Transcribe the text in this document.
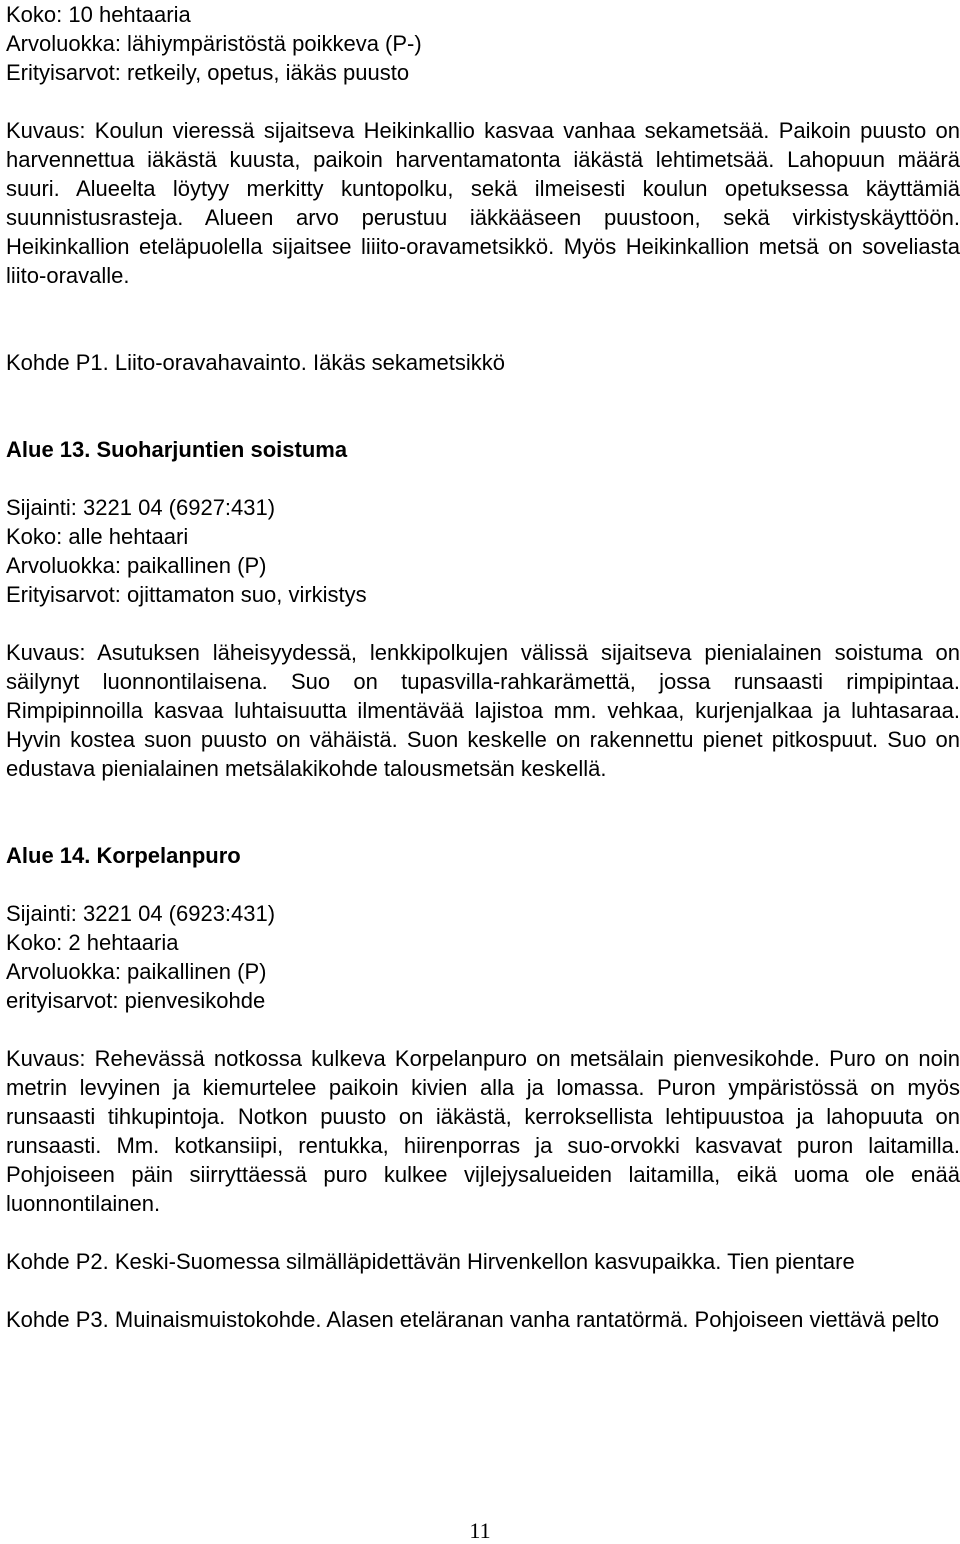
Koko: 10 hehtaaria

Arvoluokka: lähiympäristöstä poikkeva (P-)

Erityisarvot: retkeily, opetus, iäkäs puusto

Kuvaus: Koulun vieressä sijaitseva Heikinkallio kasvaa vanhaa sekametsää. Paikoin puusto on harvennettua iäkästä kuusta, paikoin harventamatonta iäkästä lehtimetsää. Lahopuun määrä suuri. Alueelta löytyy merkitty kuntopolku, sekä ilmeisesti koulun opetuksessa käyttämiä suunnistusrasteja. Alueen arvo perustuu iäkkääseen puustoon, sekä virkistyskäyttöön. Heikinkallion eteläpuolella sijaitsee liiito-oravametsikkö. Myös Heikinkallion metsä on soveliasta liito-oravalle.

Kohde P1. Liito-oravahavainto. Iäkäs sekametsikkö

Alue 13. Suoharjuntien soistuma

Sijainti: 3221 04 (6927:431)

Koko: alle hehtaari

Arvoluokka: paikallinen (P)

Erityisarvot: ojittamaton suo, virkistys

Kuvaus: Asutuksen läheisyydessä, lenkkipolkujen välissä sijaitseva pienialainen soistuma on säilynyt luonnontilaisena. Suo on tupasvilla-rahkarämettä, jossa runsaasti rimpipintaa. Rimpipinnoilla kasvaa luhtaisuutta ilmentävää lajistoa mm. vehkaa, kurjenjalkaa ja luhtasaraa. Hyvin kostea suon puusto on vähäistä. Suon keskelle on rakennettu pienet pitkospuut. Suo on edustava pienialainen metsälakikohde talousmetsän keskellä.

Alue 14. Korpelanpuro

Sijainti: 3221 04 (6923:431)

Koko: 2 hehtaaria

Arvoluokka: paikallinen (P)

erityisarvot: pienvesikohde

Kuvaus: Rehevässä notkossa kulkeva Korpelanpuro on metsälain pienvesikohde. Puro on noin metrin levyinen ja kiemurtelee paikoin kivien alla ja lomassa. Puron ympäristössä on myös runsaasti tihkupintoja. Notkon puusto on iäkästä, kerroksellista lehtipuustoa ja lahopuuta on runsaasti. Mm. kotkansiipi, rentukka, hiirenporras ja suo-orvokki kasvavat puron laitamilla. Pohjoiseen päin siirryttäessä puro kulkee vijlejysalueiden laitamilla, eikä uoma ole enää luonnontilainen.

Kohde P2. Keski-Suomessa silmälläpidettävän Hirvenkellon kasvupaikka. Tien pientare

Kohde P3. Muinaismuistokohde. Alasen eteläranan vanha rantatörmä. Pohjoiseen viettävä pelto

11
